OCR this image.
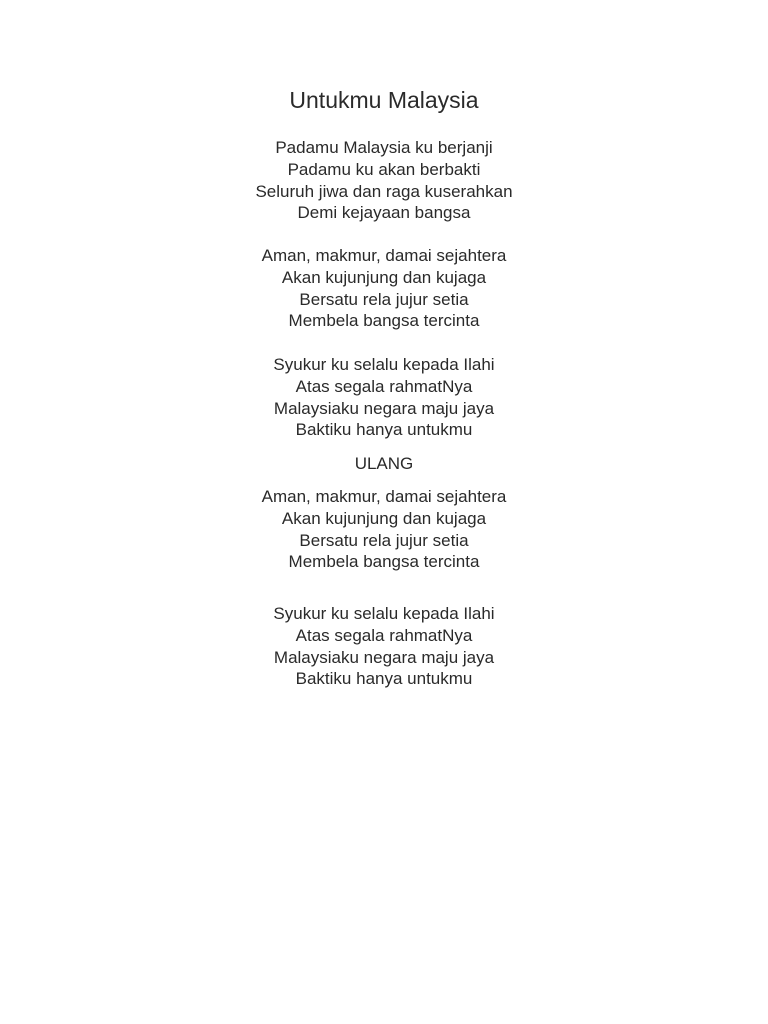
Untukmu Malaysia
Padamu Malaysia ku berjanji
Padamu ku akan berbakti
Seluruh jiwa dan raga kuserahkan
Demi kejayaan bangsa
Aman, makmur, damai sejahtera
Akan kujunjung dan kujaga
Bersatu rela jujur setia
Membela bangsa tercinta
Syukur ku selalu kepada Ilahi
Atas segala rahmatNya
Malaysiaku negara maju jaya
Baktiku hanya untukmu
ULANG
Aman, makmur, damai sejahtera
Akan kujunjung dan kujaga
Bersatu rela jujur setia
Membela bangsa tercinta
Syukur ku selalu kepada Ilahi
Atas segala rahmatNya
Malaysiaku negara maju jaya
Baktiku hanya untukmu
